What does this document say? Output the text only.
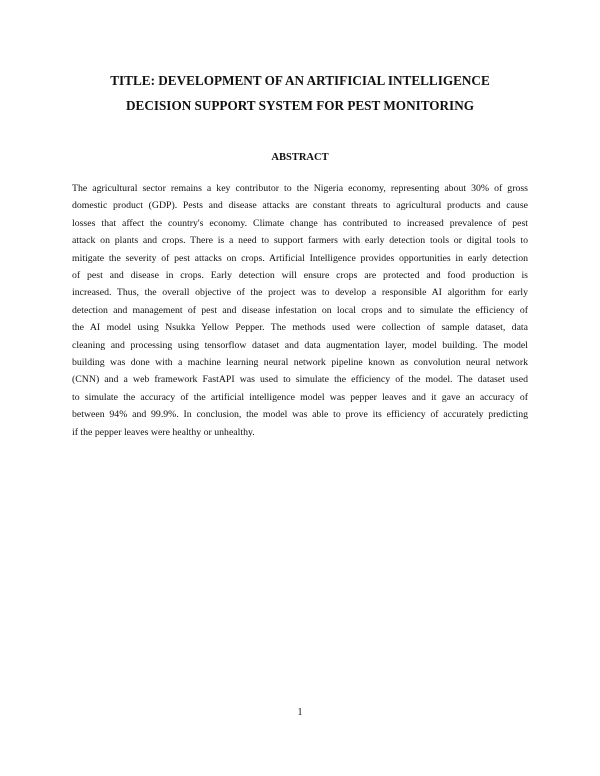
TITLE: DEVELOPMENT OF AN ARTIFICIAL INTELLIGENCE
DECISION SUPPORT SYSTEM FOR PEST MONITORING
ABSTRACT
The agricultural sector remains a key contributor to the Nigeria economy, representing about 30% of gross
domestic product (GDP). Pests and disease attacks are constant threats to agricultural products and cause
losses that affect the country's economy. Climate change has contributed to increased prevalence of pest
attack on plants and crops. There is a need to support farmers with early detection tools or digital tools to
mitigate the severity of pest attacks on crops. Artificial Intelligence provides opportunities in early detection
of pest and disease in crops. Early detection will ensure crops are protected and food production is
increased. Thus, the overall objective of the project was to develop a responsible AI algorithm for early
detection and management of pest and disease infestation on local crops and to simulate the efficiency of
the AI model using Nsukka Yellow Pepper. The methods used were collection of sample dataset, data
cleaning and processing using tensorflow dataset and data augmentation layer, model building. The model
building was done with a machine learning neural network pipeline known as convolution neural network
(CNN) and a web framework FastAPI was used to simulate the efficiency of the model. The dataset used
to simulate the accuracy of the artificial intelligence model was pepper leaves and it gave an accuracy of
between 94% and 99.9%. In conclusion, the model was able to prove its efficiency of accurately predicting
if the pepper leaves were healthy or unhealthy.
1
